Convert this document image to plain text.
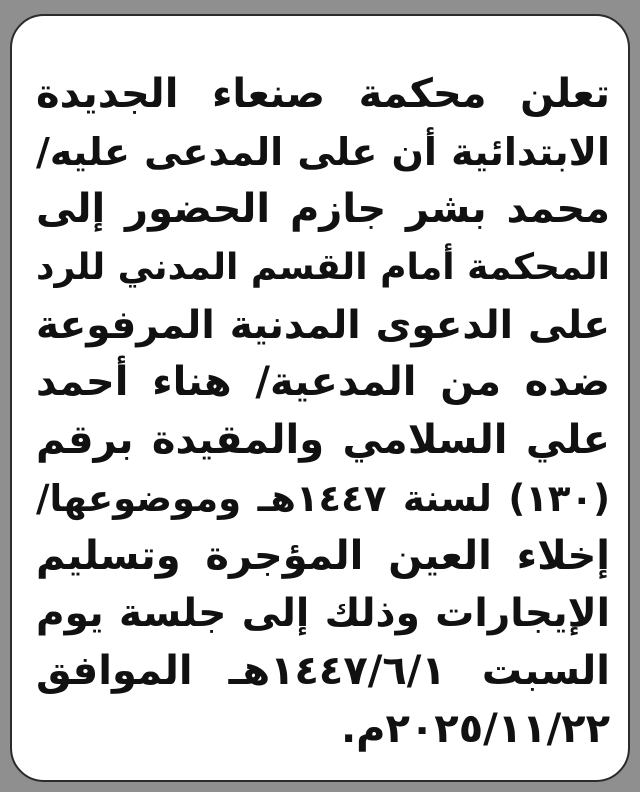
تعلن محكمة صنعاء الجديدة
الابتدائية أن على المدعى عليه/
محمد بشر جازم الحضور إلى
المحكمة أمام القسم المدني للرد
على الدعوى المدنية المرفوعة
ضده من المدعية/ هناء أحمد
علي السلامي والمقيدة برقم
(١٣٠) لسنة ١٤٤٧هـ وموضوعها/
إخلاء العين المؤجرة وتسليم
الإيجارات وذلك إلى جلسة يوم
السبت ١٤٤٧/٦/١هـ الموافق
٢٠٢٥/١١/٢٢م.
